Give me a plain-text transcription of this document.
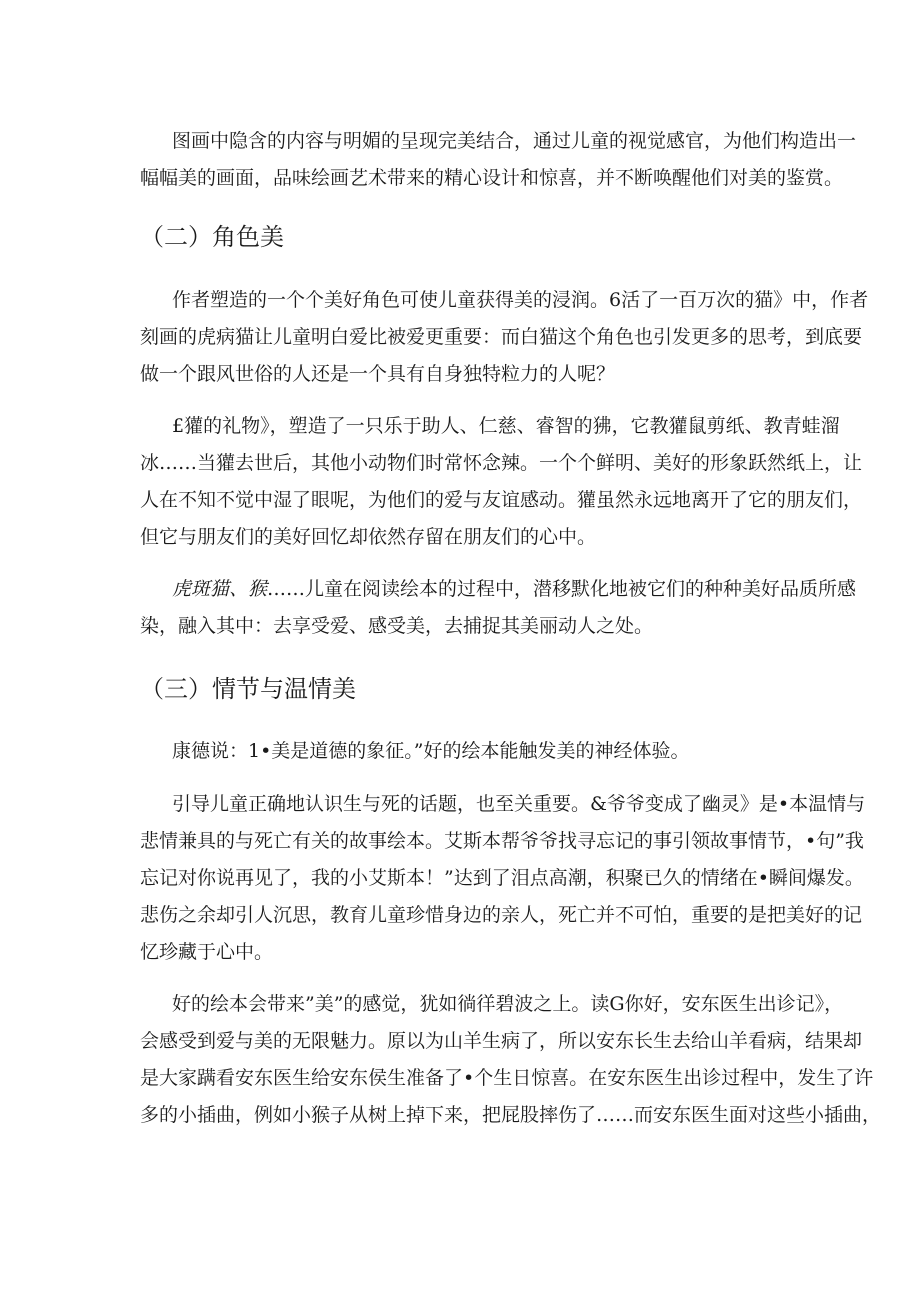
图画中隐含的内容与明媚的呈现完美结合，通过儿童的视觉感官，为他们构造出一
幅幅美的画面，品味绘画艺术带来的精心设计和惊喜，并不断唤醒他们对美的鉴赏。
（二）角色美
作者塑造的一个个美好角色可使儿童获得美的浸润。6活了一百万次的猫》中，作者
刻画的虎病猫让儿童明白爱比被爱更重要：而白猫这个角色也引发更多的思考，到底要
做一个跟风世俗的人还是一个具有自身独特粒力的人呢？
£獾的礼物》，塑造了一只乐于助人、仁慈、睿智的狒，它教獾鼠剪纸、教青蛙溜
冰……当獾去世后，其他小动物们时常怀念辣。一个个鲜明、美好的形象跃然纸上，让
人在不知不觉中湿了眼呢，为他们的爱与友谊感动。獾虽然永远地离开了它的朋友们，
但它与朋友们的美好回忆却依然存留在朋友们的心中。
虎斑猫、猴……儿童在阅读绘本的过程中，潜移默化地被它们的种种美好品质所感
染，融入其中：去享受爱、感受美，去捕捉其美丽动人之处。
（三）情节与温情美
康德说：1•美是道德的象征。”好的绘本能触发美的神经体验。
引导儿童正确地认识生与死的话题，也至关重要。&爷爷变成了幽灵》是•本温情与
悲情兼具的与死亡有关的故事绘本。艾斯本帮爷爷找寻忘记的事引领故事情节，•句”我
忘记对你说再见了，我的小艾斯本！”达到了泪点高潮，积聚已久的情绪在•瞬间爆发。
悲伤之余却引人沉思，教育儿童珍惜身边的亲人，死亡并不可怕，重要的是把美好的记
忆珍藏于心中。
好的绘本会带来”美”的感觉，犹如徜徉碧波之上。读G你好，安东医生出诊记》，
会感受到爱与美的无限魅力。原以为山羊生病了，所以安东长生去给山羊看病，结果却
是大家蹒看安东医生给安东侯生准备了•个生日惊喜。在安东医生出诊过程中，发生了许
多的小插曲，例如小猴子从树上掉下来，把屁股摔伤了……而安东医生面对这些小插曲，
